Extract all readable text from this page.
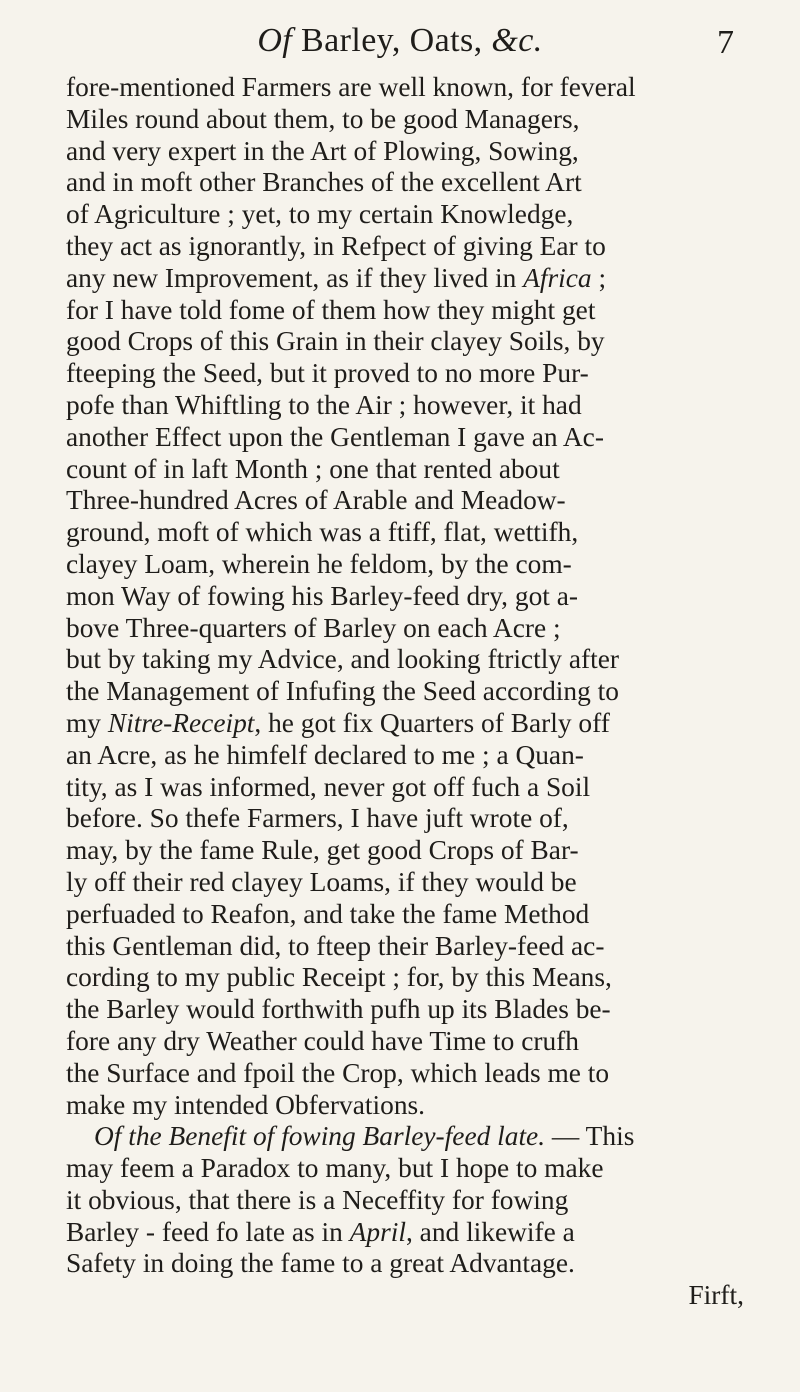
Of Barley, Oats, &c.	7
fore-mentioned Farmers are well known, for feveral
Miles round about them, to be good Managers,
and very expert in the Art of Plowing, Sowing,
and in moft other Branches of the excellent Art
of Agriculture ; yet, to my certain Knowledge,
they act as ignorantly, in Refpect of giving Ear to
any new Improvement, as if they lived in Africa ;
for I have told fome of them how they might get
good Crops of this Grain in their clayey Soils, by
fteeping the Seed, but it proved to no more Pur-
pofe than Whiftling to the Air ; however, it had
another Effect upon the Gentleman I gave an Ac-
count of in laft Month ; one that rented about
Three-hundred Acres of Arable and Meadow-
ground, moft of which was a ftiff, flat, wettifh,
clayey Loam, wherein he feldom, by the com-
mon Way of fowing his Barley-feed dry, got a-
bove Three-quarters of Barley on each Acre ;
but by taking my Advice, and looking ftrictly after
the Management of Infufing the Seed according to
my Nitre-Receipt, he got fix Quarters of Barly off
an Acre, as he himfelf declared to me ; a Quan-
tity, as I was informed, never got off fuch a Soil
before. So thefe Farmers, I have juft wrote of,
may, by the fame Rule, get good Crops of Bar-
ly off their red clayey Loams, if they would be
perfuaded to Reafon, and take the fame Method
this Gentleman did, to fteep their Barley-feed ac-
cording to my public Receipt ; for, by this Means,
the Barley would forthwith pufh up its Blades be-
fore any dry Weather could have Time to crufh
the Surface and fpoil the Crop, which leads me to
make my intended Obfervations.
Of the Benefit of fowing Barley-feed late. — This
may feem a Paradox to many, but I hope to make
it obvious, that there is a Neceffity for fowing
Barley - feed fo late as in April, and likewife a
Safety in doing the fame to a great Advantage.
Firft,
